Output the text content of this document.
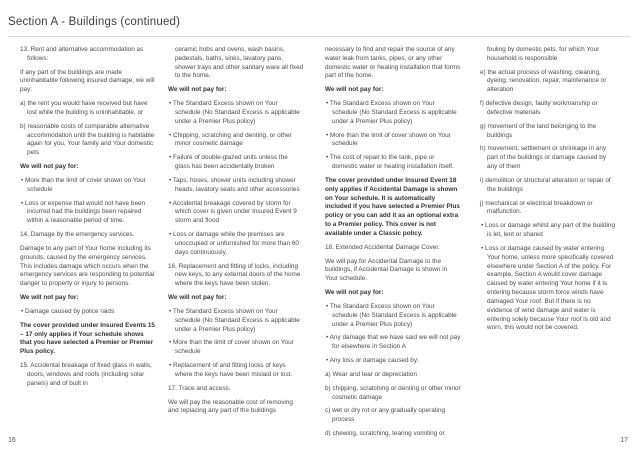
Section A - Buildings (continued)

13. Rent and alternative accommodation as follows:

If any part of the buildings are made uninhabitable following insured damage, we will pay:

a) the rent you would have received but have lost while the building is uninhabitable, or

b) reasonable costs of comparable alternative accommodation until the building is habitable again for you, Your family and Your domestic pets

We will not pay for:

• More than the limit of cover shown on Your schedule

• Loss or expense that would not have been incurred had the buildings been repaired within a reasonable period of time.

14. Damage by the emergency services.

Damage to any part of Your home including its grounds, caused by the emergency services. This includes damage which occurs when the emergency services are responding to potential danger to property or injury to persons.

We will not pay for:

• Damage caused by police raids

The cover provided under Insured Events 15 – 17 only applies if Your schedule shows that you have selected a Premier or Premier Plus policy.

15. Accidental breakage of fixed glass in walls, doors, windows and roofs (including solar panels) and of built in

ceramic hobs and ovens, wash basins, pedestals, baths, sinks, lavatory pans, shower trays and other sanitary ware all fixed to the home.

We will not pay for:

• The Standard Excess shown on Your schedule (No Standard Excess is applicable under a Premier Plus policy)

• Chipping, scratching and denting, or other minor cosmetic damage

• Failure of double-glazed units unless the glass has been accidentally broken

• Taps, hoses, shower units including shower heads, lavatory seats and other accessories

• Accidental breakage covered by storm for which cover is given under Insured Event 9 storm and flood

• Loss or damage while the premises are unoccupied or unfurnished for more than 60 days continuously.

16. Replacement and fitting of locks, including new keys, to any external doors of the home where the keys have been stolen.

We will not pay for:

• The Standard Excess shown on Your schedule (No Standard Excess is applicable under a Premier Plus policy)

• More than the limit of cover shown on Your schedule

• Replacement of and fitting locks of keys where the keys have been mislaid or lost.

17. Trace and access.

We will pay the reasonable cost of removing and replacing any part of the buildings

necessary to find and repair the source of any water leak from tanks, pipes, or any other domestic water or heating installation that forms part of the home.

We will not pay for:

• The Standard Excess shown on Your schedule (No Standard Excess is applicable under a Premier Plus policy)

• More than the limit of cover shown on Your schedule

• The cost of repair to the tank, pipe or domestic water or heating installation itself.

The cover provided under Insured Event 18 only applies if Accidental Damage is shown on Your schedule. It is automatically included if you have selected a Premier Plus policy or you can add it as an optional extra to a Premier policy. This cover is not available under a Classic policy.

18. Extended Accidental Damage Cover.

We will pay for Accidental Damage to the buildings, if Accidental Damage is shown in Your schedule.

We will not pay for:

• The Standard Excess shown on Your schedule (No Standard Excess is applicable under a Premier Plus policy)

• Any damage that we have said we will not pay for elsewhere in Section A

• Any loss or damage caused by:

a) Wear and tear or depreciation

b) chipping, scratching or denting or other minor cosmetic damage

c) wet or dry rot or any gradually operating process

d) chewing, scratching, tearing vomiting or

fouling by domestic pets, for which Your household is responsible

e) the actual process of washing, cleaning, dyeing, renovation, repair, maintenance or alteration

f) defective design, faulty workmanship or defective materials

g) movement of the land belonging to the buildings

h) movement, settlement or shrinkage in any part of the buildings or damage caused by any of them

i) demolition or structural alteration or repair of the buildings

j) mechanical or electrical breakdown or malfunction.

• Loss or damage whilst any part of the building is let, lent or shared

• Loss or damage caused by water entering Your home, unless more specifically covered elsewhere under Section A of the policy. For example, Section A would cover damage caused by water entering Your home if it is entering because storm force winds have damaged Your roof. But if there is no evidence of wind damage and water is entering solely because Your roof is old and worn, this would not be covered.

16	17
